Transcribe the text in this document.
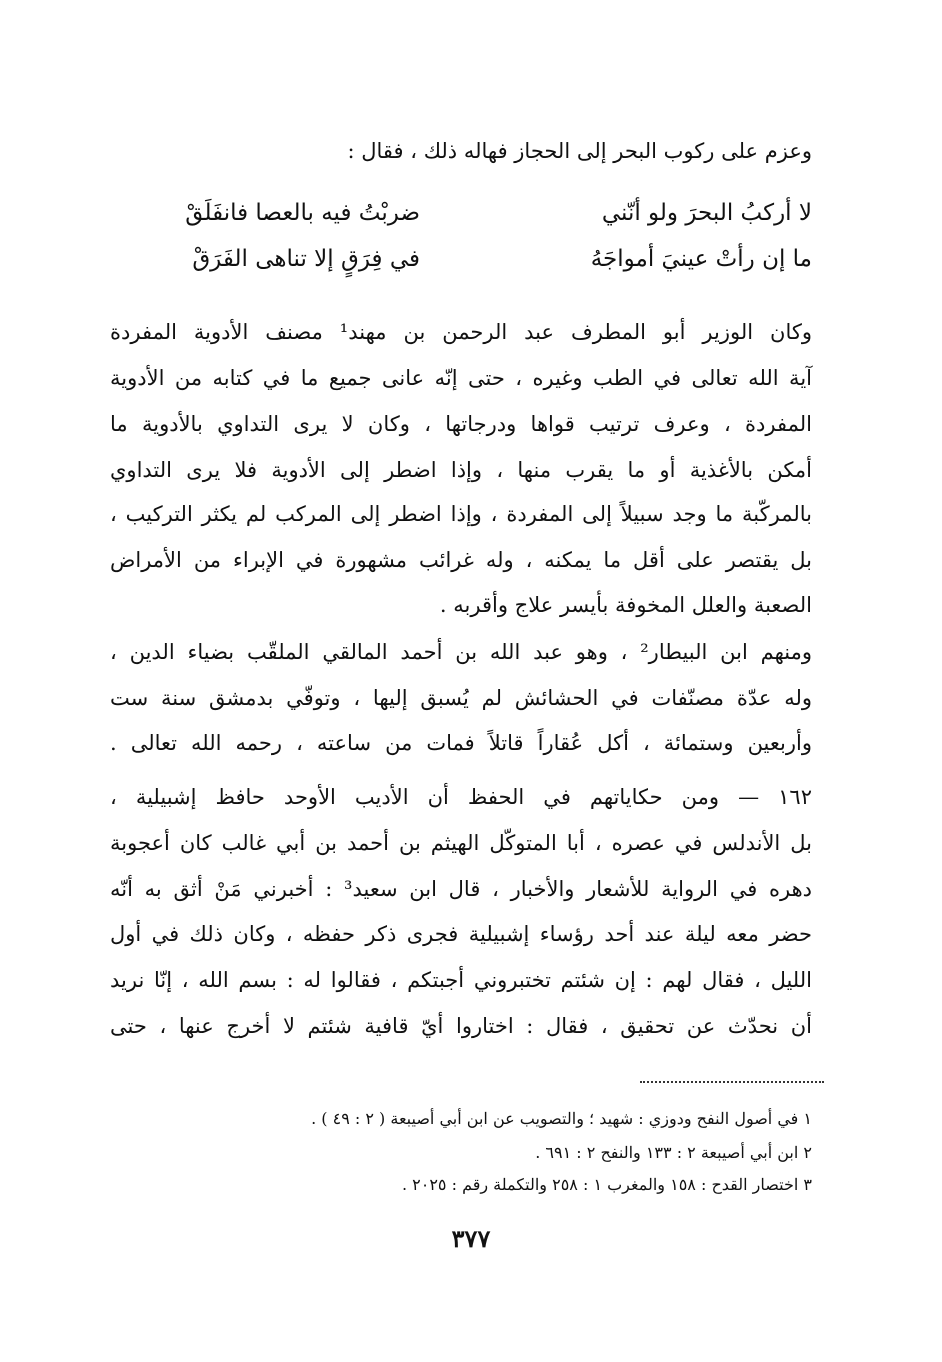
وعزم على ركوب البحر إلى الحجاز فهاله ذلك ، فقال :
لا أركبُ البحرَ ولو أنّني
ضربْتُ فيه بالعصا فانفَلَقْ
ما إن رأتْ عينيَ أمواجَهُ
في فِرَقٍ إلا تناهى الفَرَقْ
وكان الوزير أبو المطرف عبد الرحمن بن مهند¹ مصنف الأدوية المفردة
آية الله تعالى في الطب وغيره ، حتى إنّه عانى جميع ما في كتابه من الأدوية
المفردة ، وعرف ترتيب قواها ودرجاتها ، وكان لا يرى التداوي بالأدوية ما
أمكن بالأغذية أو ما يقرب منها ، وإذا اضطر إلى الأدوية فلا يرى التداوي
بالمركّبة ما وجد سبيلاً إلى المفردة ، وإذا اضطر إلى المركب لم يكثر التركيب ،
بل يقتصر على أقل ما يمكنه ، وله غرائب مشهورة في الإبراء من الأمراض
الصعبة والعلل المخوفة بأيسر علاج وأقربه .
ومنهم ابن البيطار² ، وهو عبد الله بن أحمد المالقي الملقّب بضياء الدين ،
وله عدّة مصنّفات في الحشائش لم يُسبق إليها ، وتوفّي بدمشق سنة ست
وأربعين وستمائة ، أكل عُقاراً قاتلاً فمات من ساعته ، رحمه الله تعالى .
١٦٢ — ومن حكاياتهم في الحفظ أن الأديب الأوحد حافظ إشبيلية ،
بل الأندلس في عصره ، أبا المتوكّل الهيثم بن أحمد بن أبي غالب كان أعجوبة
دهره في الرواية للأشعار والأخبار ، قال ابن سعيد³ : أخبرني مَنْ أثق به أنّه
حضر معه ليلة عند أحد رؤساء إشبيلية فجرى ذكر حفظه ، وكان ذلك في أول
الليل ، فقال لهم : إن شئتم تختبروني أجبتكم ، فقالوا له : بسم الله ، إنّا نريد
أن نحدّث عن تحقيق ، فقال : اختاروا أيّ قافية شئتم لا أخرج عنها ، حتى
١ في أصول النفح ودوزي : شهيد ؛ والتصويب عن ابن أبي أصيبعة ( ٢ : ٤٩ ) .
٢ ابن أبي أصيبعة ٢ : ١٣٣ والنفح ٢ : ٦٩١ .
٣ اختصار القدح : ١٥٨ والمغرب ١ : ٢٥٨ والتكملة رقم : ٢٠٢٥ .
٣٧٧
